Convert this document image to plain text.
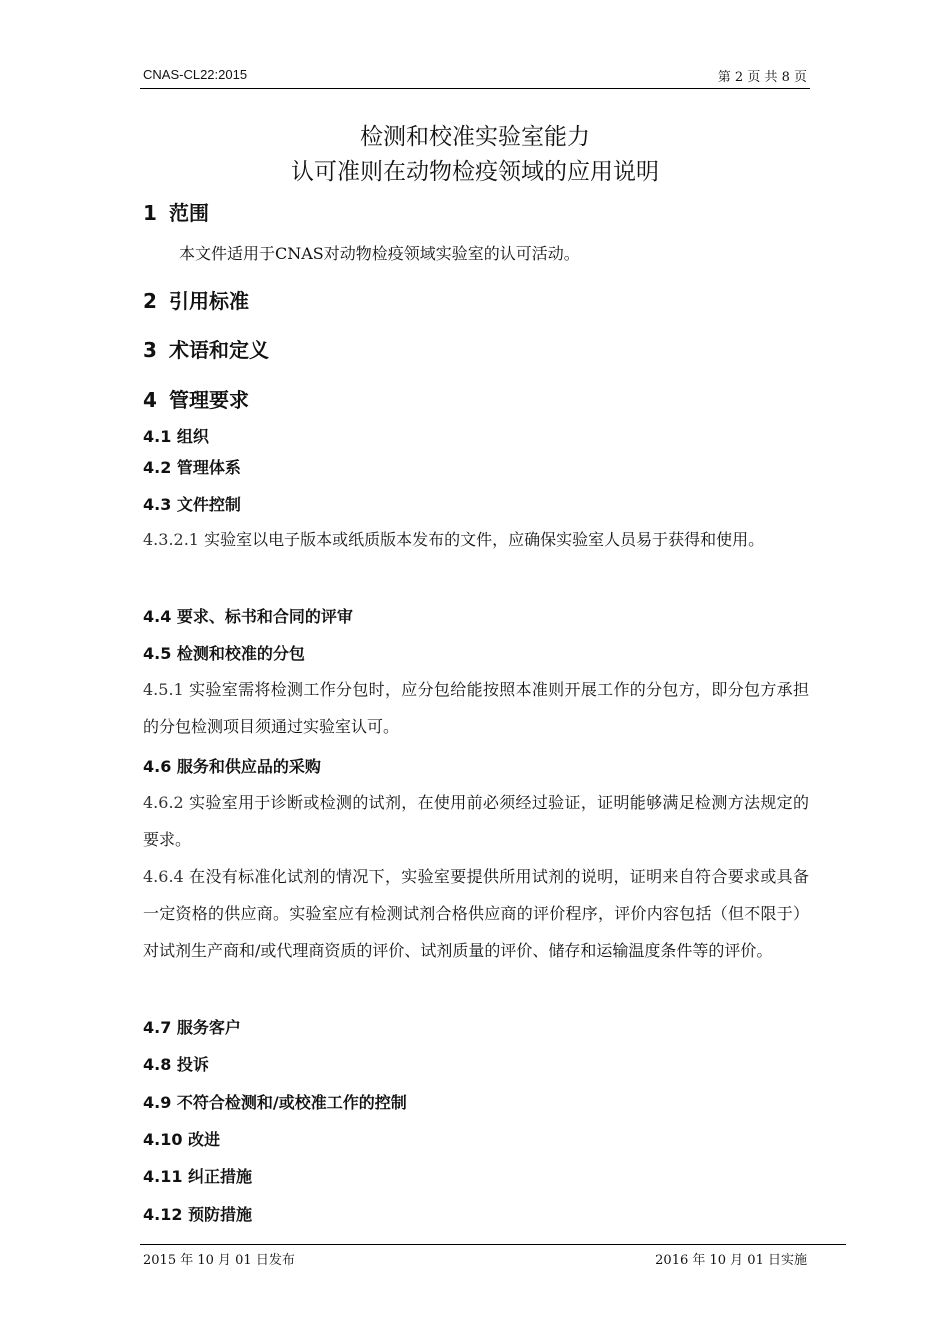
CNAS-CL22:2015	第 2 页 共 8 页
检测和校准实验室能力
认可准则在动物检疫领域的应用说明
1 范围
本文件适用于CNAS对动物检疫领域实验室的认可活动。
2 引用标准
3 术语和定义
4 管理要求
4.1 组织
4.2 管理体系
4.3 文件控制
4.3.2.1 实验室以电子版本或纸质版本发布的文件，应确保实验室人员易于获得和使用。
4.4 要求、标书和合同的评审
4.5 检测和校准的分包
4.5.1 实验室需将检测工作分包时，应分包给能按照本准则开展工作的分包方，即分包方承担的分包检测项目须通过实验室认可。
4.6 服务和供应品的采购
4.6.2 实验室用于诊断或检测的试剂，在使用前必须经过验证，证明能够满足检测方法规定的要求。
4.6.4 在没有标准化试剂的情况下，实验室要提供所用试剂的说明，证明来自符合要求或具备一定资格的供应商。实验室应有检测试剂合格供应商的评价程序，评价内容包括（但不限于）对试剂生产商和/或代理商资质的评价、试剂质量的评价、储存和运输温度条件等的评价。
4.7 服务客户
4.8 投诉
4.9 不符合检测和/或校准工作的控制
4.10 改进
4.11 纠正措施
4.12 预防措施
2015 年 10 月 01 日发布	2016 年 10 月 01 日实施
